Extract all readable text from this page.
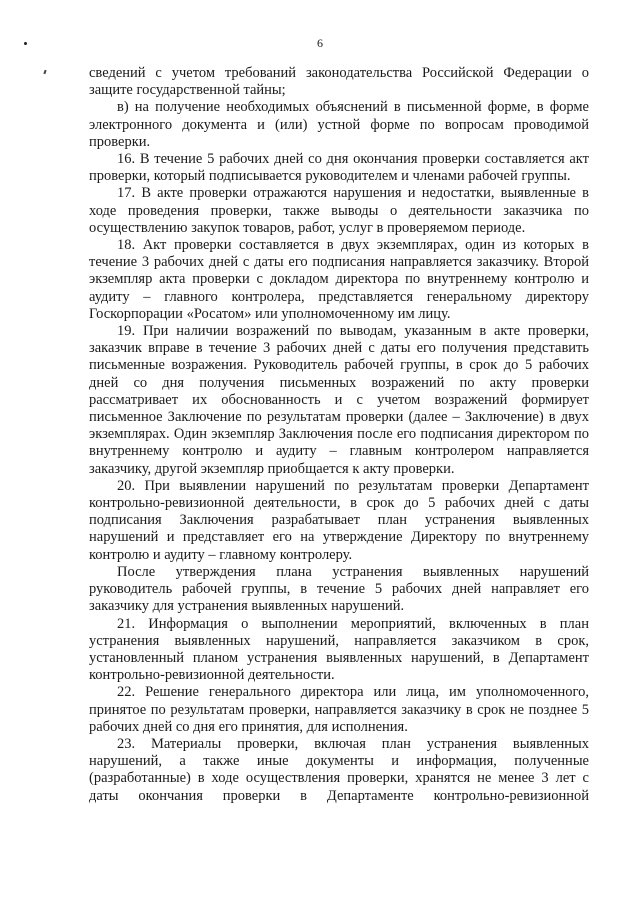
6

сведений с учетом требований законодательства Российской Федерации о защите государственной тайны;

в) на получение необходимых объяснений в письменной форме, в форме электронного документа и (или) устной форме по вопросам проводимой проверки.

16. В течение 5 рабочих дней со дня окончания проверки составляется акт проверки, который подписывается руководителем и членами рабочей группы.

17. В акте проверки отражаются нарушения и недостатки, выявленные в ходе проведения проверки, также выводы о деятельности заказчика по осуществлению закупок товаров, работ, услуг в проверяемом периоде.

18. Акт проверки составляется в двух экземплярах, один из которых в течение 3 рабочих дней с даты его подписания направляется заказчику. Второй экземпляр акта проверки с докладом директора по внутреннему контролю и аудиту – главного контролера, представляется генеральному директору Госкорпорации «Росатом» или уполномоченному им лицу.

19. При наличии возражений по выводам, указанным в акте проверки, заказчик вправе в течение 3 рабочих дней с даты его получения представить письменные возражения. Руководитель рабочей группы, в срок до 5 рабочих дней со дня получения письменных возражений по акту проверки рассматривает их обоснованность и с учетом возражений формирует письменное Заключение по результатам проверки (далее – Заключение) в двух экземплярах. Один экземпляр Заключения после его подписания директором по внутреннему контролю и аудиту – главным контролером направляется заказчику, другой экземпляр приобщается к акту проверки.

20. При выявлении нарушений по результатам проверки Департамент контрольно-ревизионной деятельности, в срок до 5 рабочих дней с даты подписания Заключения разрабатывает план устранения выявленных нарушений и представляет его на утверждение Директору по внутреннему контролю и аудиту – главному контролеру.

После утверждения плана устранения выявленных нарушений руководитель рабочей группы, в течение 5 рабочих дней направляет его заказчику для устранения выявленных нарушений.

21. Информация о выполнении мероприятий, включенных в план устранения выявленных нарушений, направляется заказчиком в срок, установленный планом устранения выявленных нарушений, в Департамент контрольно-ревизионной деятельности.

22. Решение генерального директора или лица, им уполномоченного, принятое по результатам проверки, направляется заказчику в срок не позднее 5 рабочих дней со дня его принятия, для исполнения.

23. Материалы проверки, включая план устранения выявленных нарушений, а также иные документы и информация, полученные (разработанные) в ходе осуществления проверки, хранятся не менее 3 лет с даты окончания проверки в Департаменте контрольно-ревизионной
